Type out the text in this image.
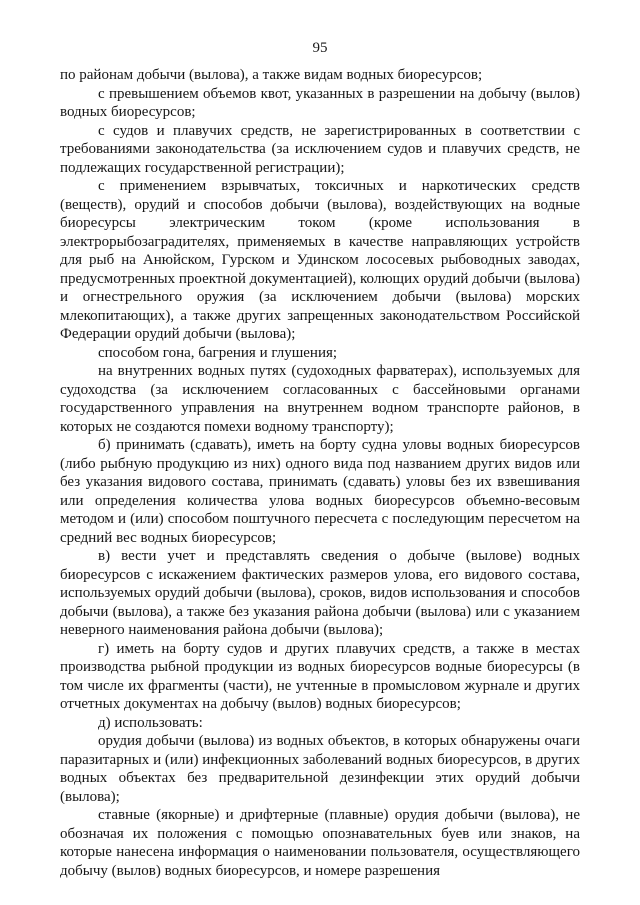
95

по районам добычи (вылова), а также видам водных биоресурсов;

с превышением объемов квот, указанных в разрешении на добычу (вылов) водных биоресурсов;

с судов и плавучих средств, не зарегистрированных в соответствии с требованиями законодательства (за исключением судов и плавучих средств, не подлежащих государственной регистрации);

с применением взрывчатых, токсичных и наркотических средств (веществ), орудий и способов добычи (вылова), воздействующих на водные биоресурсы электрическим током (кроме использования в электрорыбозаградителях, применяемых в качестве направляющих устройств для рыб на Анюйском, Гурском и Удинском лососевых рыбоводных заводах, предусмотренных проектной документацией), колющих орудий добычи (вылова) и огнестрельного оружия (за исключением добычи (вылова) морских млекопитающих), а также других запрещенных законодательством Российской Федерации орудий добычи (вылова);

способом гона, багрения и глушения;

на внутренних водных путях (судоходных фарватерах), используемых для судоходства (за исключением согласованных с бассейновыми органами государственного управления на внутреннем водном транспорте районов, в которых не создаются помехи водному транспорту);

б) принимать (сдавать), иметь на борту судна уловы водных биоресурсов (либо рыбную продукцию из них) одного вида под названием других видов или без указания видового состава, принимать (сдавать) уловы без их взвешивания или определения количества улова водных биоресурсов объемно-весовым методом и (или) способом поштучного пересчета с последующим пересчетом на средний вес водных биоресурсов;

в) вести учет и представлять сведения о добыче (вылове) водных биоресурсов с искажением фактических размеров улова, его видового состава, используемых орудий добычи (вылова), сроков, видов использования и способов добычи (вылова), а также без указания района добычи (вылова) или с указанием неверного наименования района добычи (вылова);

г) иметь на борту судов и других плавучих средств, а также в местах производства рыбной продукции из водных биоресурсов водные биоресурсы (в том числе их фрагменты (части), не учтенные в промысловом журнале и других отчетных документах на добычу (вылов) водных биоресурсов;

д) использовать:

орудия добычи (вылова) из водных объектов, в которых обнаружены очаги паразитарных и (или) инфекционных заболеваний водных биоресурсов, в других водных объектах без предварительной дезинфекции этих орудий добычи (вылова);

ставные (якорные) и дрифтерные (плавные) орудия добычи (вылова), не обозначая их положения с помощью опознавательных буев или знаков, на которые нанесена информация о наименовании пользователя, осуществляющего добычу (вылов) водных биоресурсов, и номере разрешения
